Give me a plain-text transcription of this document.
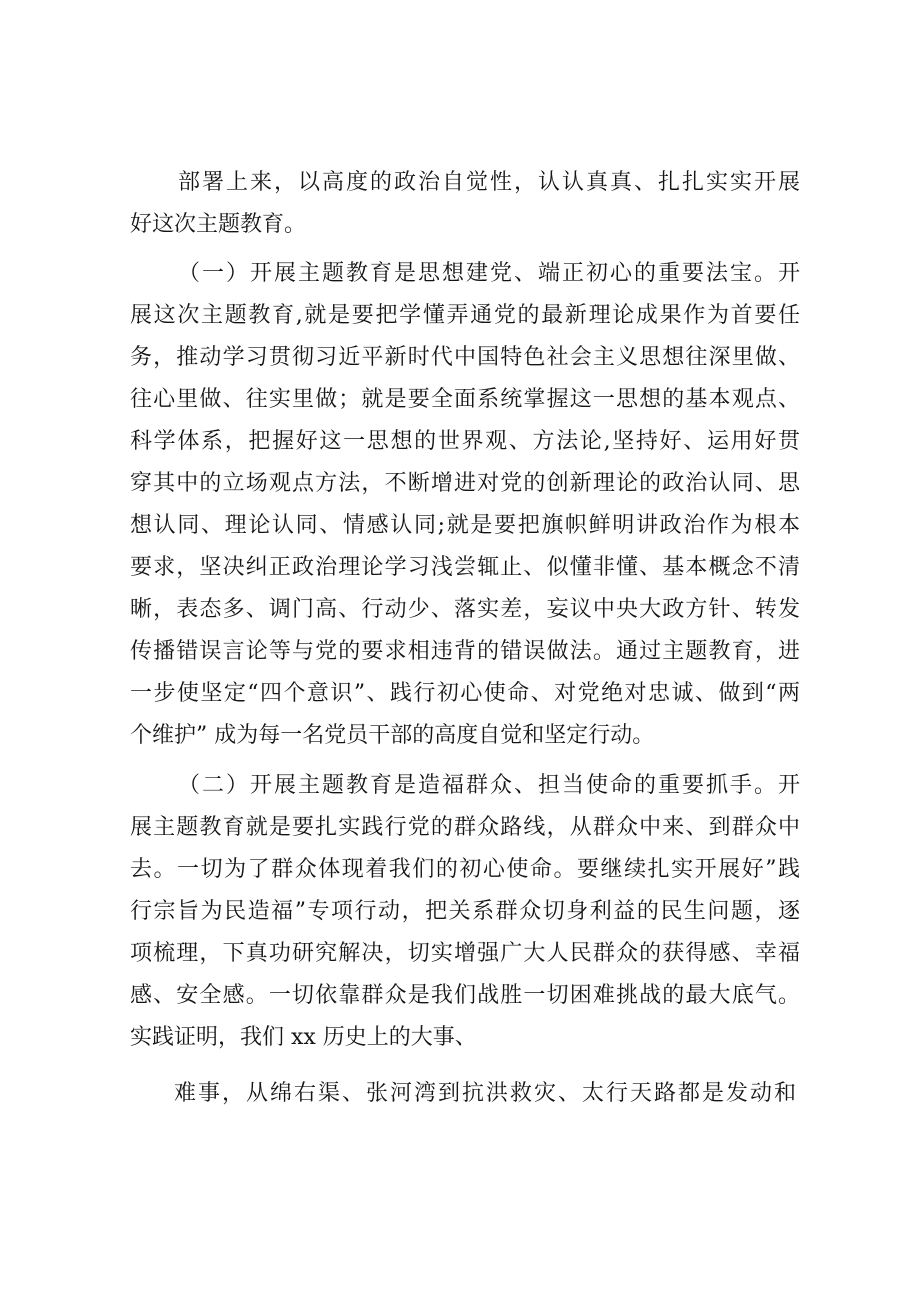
部署上来，以高度的政治自觉性，认认真真、扎扎实实开展
好这次主题教育。
（一）开展主题教育是思想建党、端正初心的重要法宝。开
展这次主题教育,就是要把学懂弄通党的最新理论成果作为首要任
务，推动学习贯彻习近平新时代中国特色社会主义思想往深里做、
往心里做、往实里做；就是要全面系统掌握这一思想的基本观点、
科学体系，把握好这一思想的世界观、方法论,坚持好、运用好贯
穿其中的立场观点方法，不断增进对党的创新理论的政治认同、思
想认同、理论认同、情感认同;就是要把旗帜鲜明讲政治作为根本
要求，坚决纠正政治理论学习浅尝辄止、似懂非懂、基本概念不清
晰，表态多、调门高、行动少、落实差，妄议中央大政方针、转发
传播错误言论等与党的要求相违背的错误做法。通过主题教育，进
一步使坚定“四个意识”、践行初心使命、对党绝对忠诚、做到“两
个维护” 成为每一名党员干部的高度自觉和坚定行动。
（二）开展主题教育是造福群众、担当使命的重要抓手。开
展主题教育就是要扎实践行党的群众路线，从群众中来、到群众中
去。一切为了群众体现着我们的初心使命。要继续扎实开展好”践
行宗旨为民造福”专项行动，把关系群众切身利益的民生问题，逐
项梳理，下真功研究解决，切实增强广大人民群众的获得感、幸福
感、安全感。一切依靠群众是我们战胜一切困难挑战的最大底气。
实践证明，我们 xx 历史上的大事、
难事，从绵右渠、张河湾到抗洪救灾、太行天路都是发动和
